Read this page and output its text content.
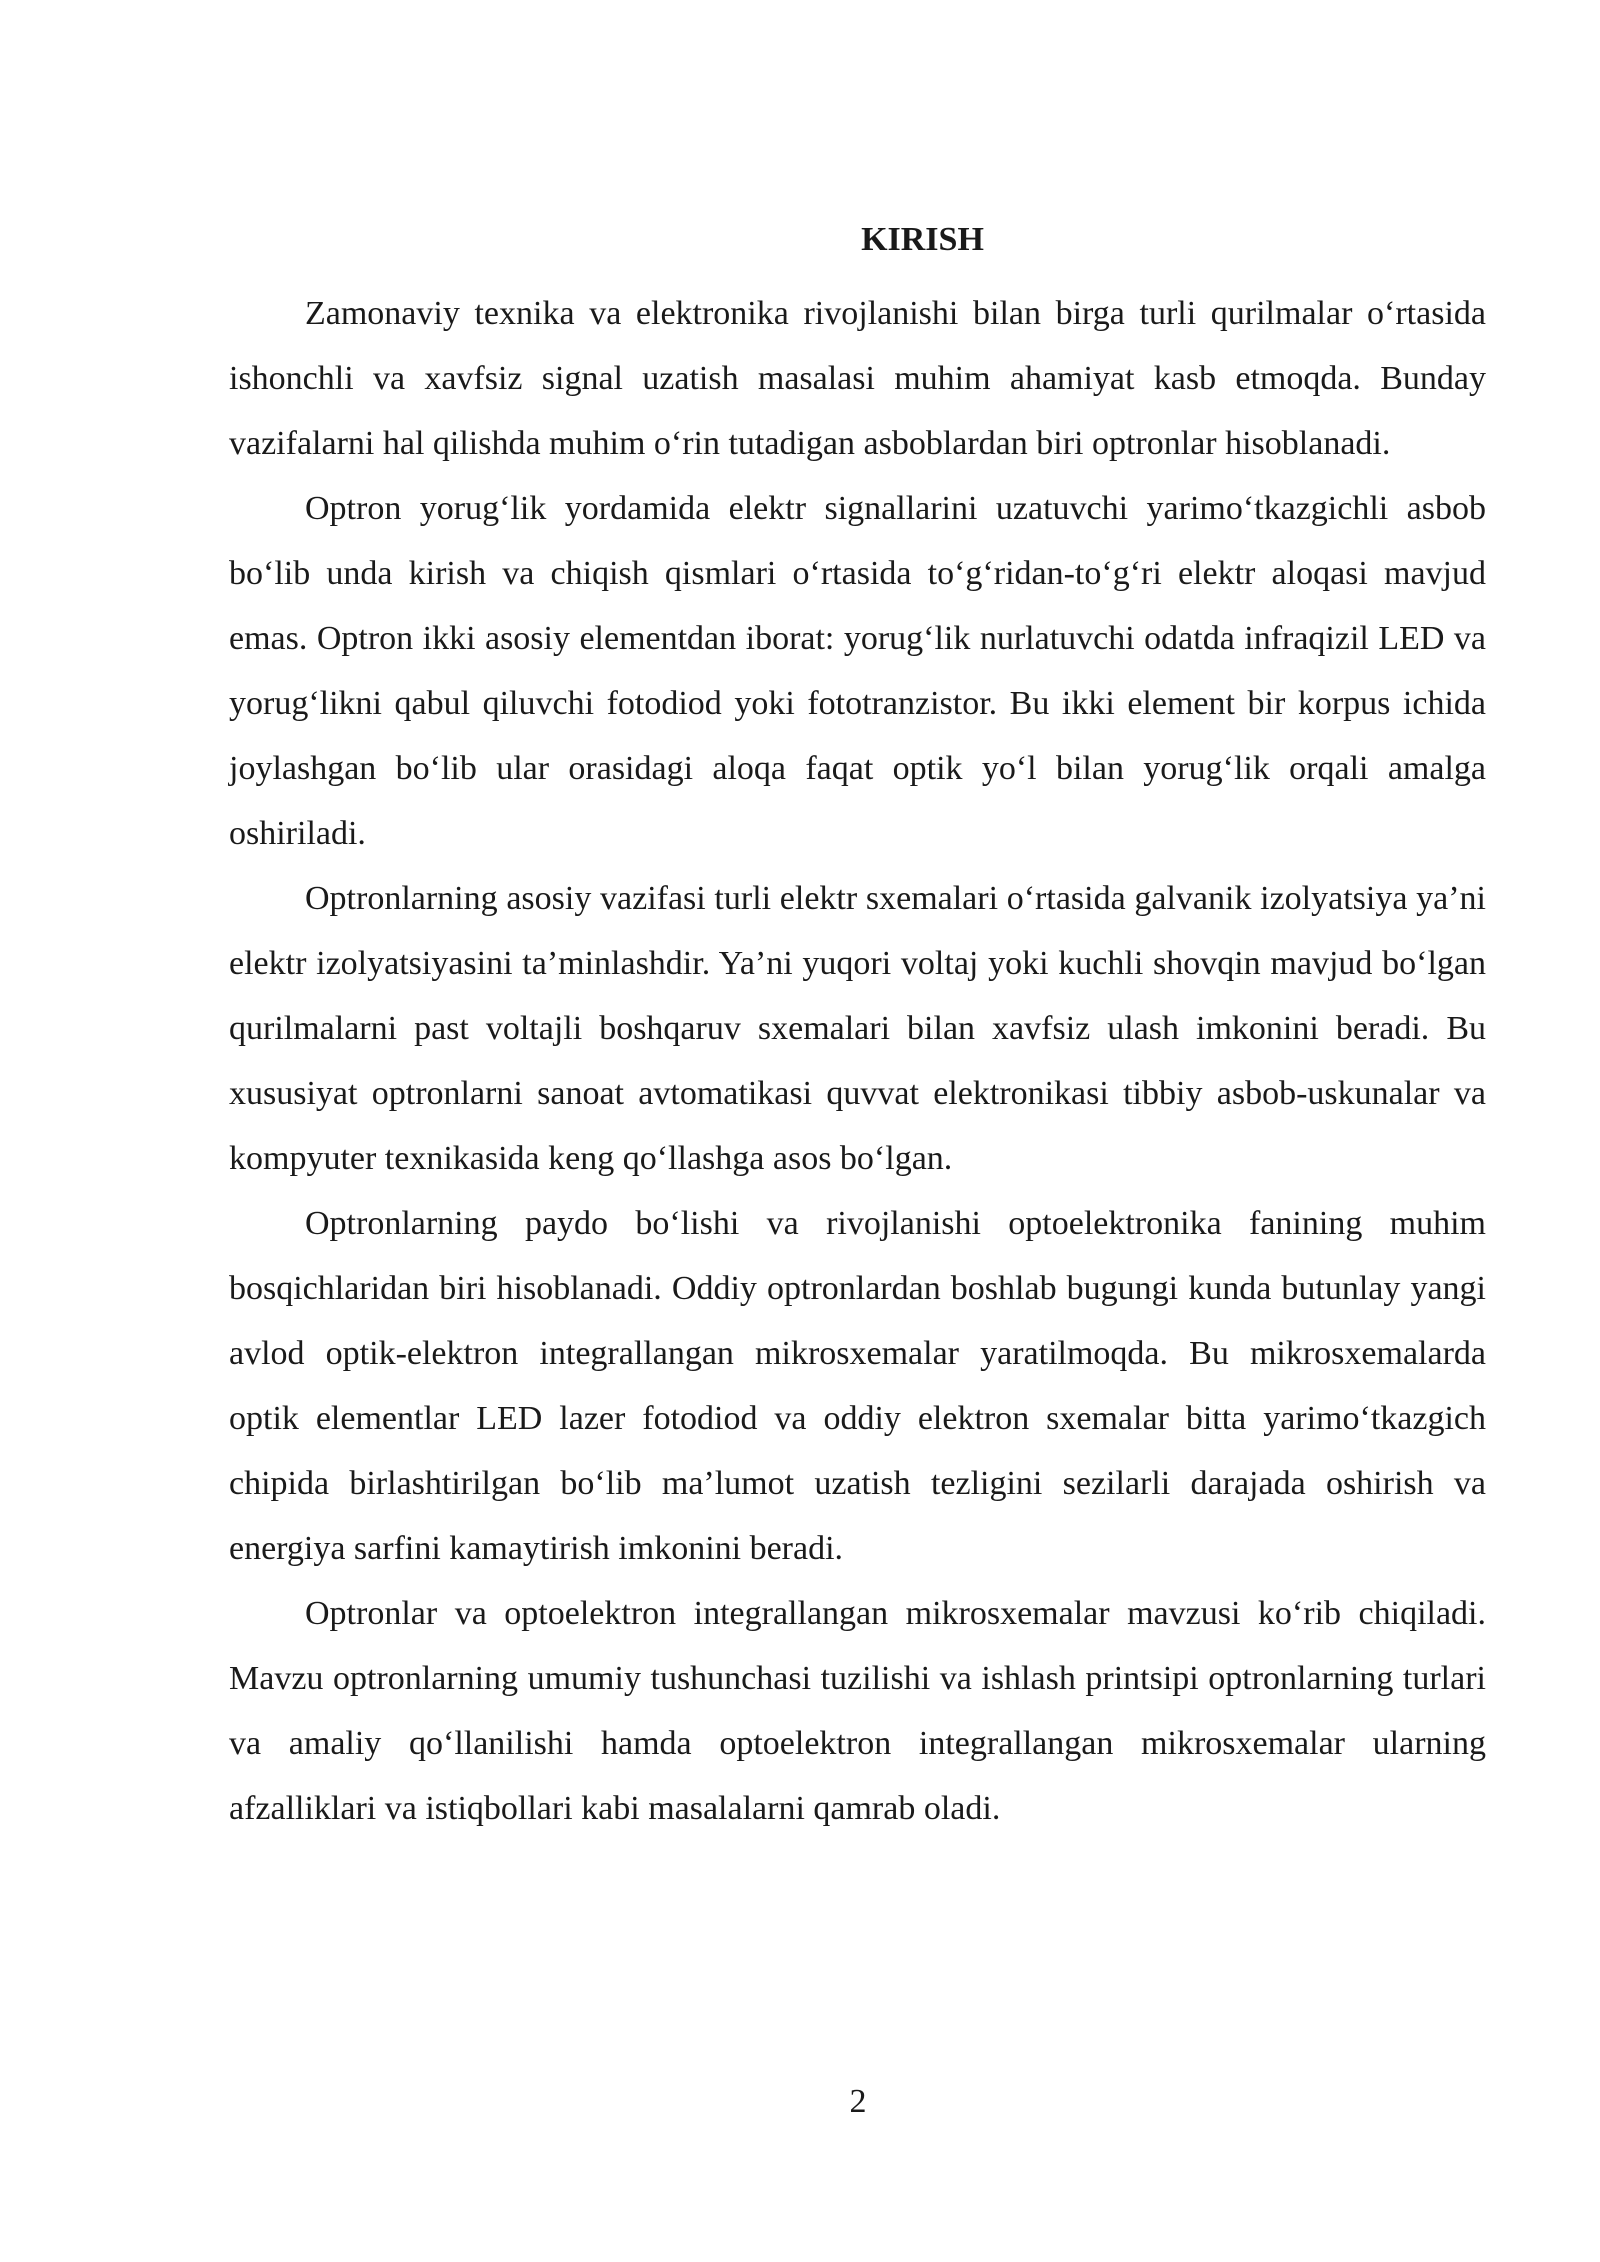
KIRISH

Zamonaviy texnika va elektronika rivojlanishi bilan birga turli qurilmalar oʻrtasida ishonchli va xavfsiz signal uzatish masalasi muhim ahamiyat kasb etmoqda. Bunday vazifalarni hal qilishda muhim oʻrin tutadigan asboblardan biri optronlar hisoblanadi.

Optron yorugʻlik yordamida elektr signallarini uzatuvchi yarimoʻtkazgichli asbob boʻlib unda kirish va chiqish qismlari oʻrtasida toʻgʻridan-toʻgʻri elektr aloqasi mavjud emas. Optron ikki asosiy elementdan iborat: yorugʻlik nurlatuvchi odatda infraqizil LED va yorugʻlikni qabul qiluvchi fotodiod yoki fototranzistor. Bu ikki element bir korpus ichida joylashgan boʻlib ular orasidagi aloqa faqat optik yoʻl bilan yorugʻlik orqali amalga oshiriladi.

Optronlarning asosiy vazifasi turli elektr sxemalari oʻrtasida galvanik izolyatsiya ya’ni elektr izolyatsiyasini ta’minlashdir. Ya’ni yuqori voltaj yoki kuchli shovqin mavjud boʻlgan qurilmalarni past voltajli boshqaruv sxemalari bilan xavfsiz ulash imkonini beradi. Bu xususiyat optronlarni sanoat avtomatikasi quvvat elektronikasi tibbiy asbob-uskunalar va kompyuter texnikasida keng qoʻllashga asos boʻlgan.

Optronlarning paydo boʻlishi va rivojlanishi optoelektronika fanining muhim bosqichlaridan biri hisoblanadi. Oddiy optronlardan boshlab bugungi kunda butunlay yangi avlod optik-elektron integrallangan mikrosxemalar yaratilmoqda. Bu mikrosxemalarda optik elementlar LED lazer fotodiod va oddiy elektron sxemalar bitta yarimoʻtkazgich chipida birlashtirilgan boʻlib ma’lumot uzatish tezligini sezilarli darajada oshirish va energiya sarfini kamaytirish imkonini beradi.

Optronlar va optoelektron integrallangan mikrosxemalar mavzusi koʻrib chiqiladi. Mavzu optronlarning umumiy tushunchasi tuzilishi va ishlash printsipi optronlarning turlari va amaliy qoʻllanilishi hamda optoelektron integrallangan mikrosxemalar ularning afzalliklari va istiqbollari kabi masalalarni qamrab oladi.

2
